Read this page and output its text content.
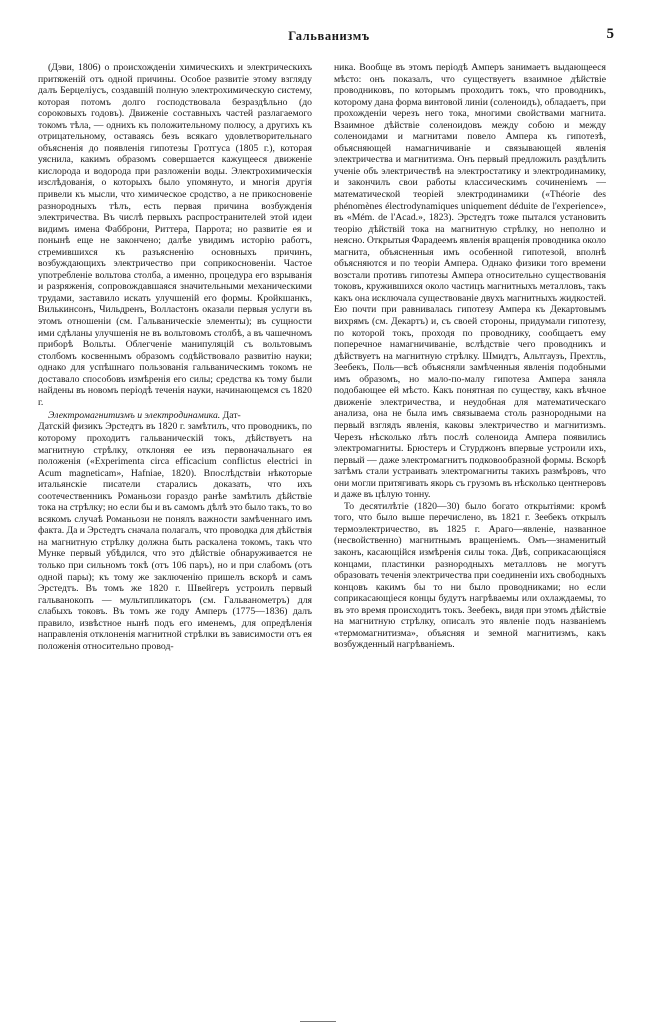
Гальванизмъ	5

(Дэви, 1806) о происхожденіи химическихъ и электрическихъ притяженій отъ одной причины. Особое развитіе этому взгляду далъ Берцеліусъ, создавшій полную электрохимическую систему, которая потомъ долго господствовала безраздѣльно (до сороковыхъ годовъ). Движеніе составныхъ частей разлагаемого токомъ тѣла, — однихъ къ положительному полюсу, а другихъ къ отрицательному, оставаясь безъ всякаго удовлетворительнаго объясненія до появленія гипотезы Гротгуса (1805 г.), которая уяснила, какимъ образомъ совершается кажущееся движеніе кислорода и водорода при разложеніи воды. Электрохимическія изслѣдованія, о которыхъ было упомянуто, и многія другія привели къ мысли, что химическое сродство, а не прикосновеніе разнородныхъ тѣлъ, есть первая причина возбужденія электричества. Въ числѣ первыхъ распространителей этой идеи видимъ имена Фабброни, Риттера, Паррота; но развитіе ея и понынѣ еще не закончено; далѣе увидимъ исторію работъ, стремившихся къ разъясненію основныхъ причинъ, возбуждающихъ электричество при соприкосновеніи. Частое употребленіе вольтова столба, а именно, процедура его взрыванія и разряженія, сопровождавшаяся значительными механическими трудами, заставило искать улучшеній его формы. Кройкшанкъ, Вилькинсонъ, Чильдренъ, Волластонъ оказали первыя услуги въ этомъ отношеніи (см. Гальваническіе элементы); въ сущности ими сдѣланы улучшенія не въ вольтовомъ столбѣ, а въ чашечномъ приборѣ Вольты. Облегченіе манипуляцій съ вольтовымъ столбомъ косвеннымъ образомъ содѣйствовало развитію науки; однако для успѣшнаго пользованія гальваническимъ токомъ не доставало способовъ измѣренія его силы; средства къ тому были найдены въ новомъ періодѣ теченія науки, начинающемся съ 1820 г.

Электромагнитизмъ и электродинамика. Дат-

Датскій физикъ Эрстедтъ въ 1820 г. замѣтилъ, что проводникъ, по которому проходитъ гальваническій токъ, дѣйствуетъ на магнитную стрѣлку, отклоняя ее изъ первоначальнаго ея положенія («Experimenta circa efficacium conflictus electrici in Acum magneticam», Hafniae, 1820). Впослѣдствіи нѣкоторые итальянскіе писатели старались доказать, что ихъ соотечественникъ Романьози гораздо ранѣе замѣтилъ дѣйствіе тока на стрѣлку; но если бы и въ самомъ дѣлѣ это было такъ, то во всякомъ случаѣ Романьози не понялъ важности замѣченнаго имъ факта. Да и Эрстедтъ сначала полагалъ, что проводка для дѣйствія на магнитную стрѣлку должна быть раскалена токомъ, такъ что Мунке первый убѣдился, что это дѣйствіе обнаруживается не только при сильномъ токѣ (отъ 106 паръ), но и при слабомъ (отъ одной пары); къ тому же заключенію пришелъ вскорѣ и самъ Эрстедтъ. Въ томъ же 1820 г. Швейгеръ устроилъ первый гальванокопъ — мультипликаторъ (см. Гальванометръ) для слабыхъ токовъ. Въ томъ же году Амперъ (1775—1836) далъ правило, извѣстное нынѣ подъ его именемъ, для опредѣленія направленія отклоненія магнитной стрѣлки въ зависимости отъ ея положенія относительно провод-

ника. Вообще въ этомъ періодѣ Амперъ занимаетъ выдающееся мѣсто: онъ показалъ, что существуетъ взаимное дѣйствіе проводниковъ, по которымъ проходитъ токъ, что проводникъ, которому дана форма винтовой линіи (соленоидъ), обладаетъ, при прохожденіи черезъ него тока, многими свойствами магнита. Взаимное дѣйствіе соленоидовъ между собою и между соленоидами и магнитами повело Ампера къ гипотезѣ, объясняющей намагничиваніе и связывающей явленія электричества и магнитизма. Онъ первый предложилъ раздѣлить ученіе объ электричествѣ на электростатику и электродинамику, и закончилъ свои работы классическимъ сочиненіемъ — математической теоріей электродинамики («Théorie des phénomènes électrodynamiques uniquement déduite de l'experience», въ «Mém. de l'Acad.», 1823). Эрстедтъ тоже пытался установить теорію дѣйствій тока на магнитную стрѣлку, но неполно и неясно. Открытыя Фарадеемъ явленія вращенія проводника около магнита, объясненныя имъ особенной гипотезой, вполнѣ объясняются и по теоріи Ампера. Однако физики того времени возстали противъ гипотезы Ампера относительно существованія токовъ, кружившихся около частицъ магнитныхъ металловъ, такъ какъ она исключала существованіе двухъ магнитныхъ жидкостей. Ею почти при равнивалась гипотезу Ампера къ Декартовымъ вихрямъ (см. Декартъ) и, съ своей стороны, придумали гипотезу, по которой токъ, проходя по проводнику, сообщаетъ ему поперечное намагничиваніе, вслѣдствіе чего проводникъ и дѣйствуетъ на магнитную стрѣлку. Шмидтъ, Альтгаузъ, Прехтль, Зеебекъ, Поль—всѣ объясняли замѣченныя явленія подобными имъ образомъ, но мало-по-малу гипотеза Ампера заняла подобающее ей мѣсто. Какъ понятная по существу, какъ вѣчное движеніе электричества, и неудобная для математическаго анализа, она не была имъ связываема столь разнородными на первый взглядъ явленія, каковы электричество и магнитизмъ. Черезъ нѣсколько лѣтъ послѣ соленоида Ампера появились электромагниты. Брюстеръ и Стурджонъ впервые устроили ихъ, первый — даже электромагнитъ подковообразной формы. Вскорѣ затѣмъ стали устраивать электромагниты такихъ размѣровъ, что они могли притягивать якорь съ грузомъ въ нѣсколько центнеровъ и даже въ цѣлую тонну.

То десятилѣтіе (1820—30) было богато открытіями: кромѣ того, что было выше перечислено, въ 1821 г. Зеебекъ открылъ термоэлектричество, въ 1825 г. Араго—явленіе, названное (несвойственно) магнитнымъ вращеніемъ. Омъ—знаменитый законъ, касающійся измѣренія силы тока. Двѣ, соприкасающіяся концами, пластинки разнородныхъ металловъ не могутъ образовать теченія электричества при соединеніи ихъ свободныхъ концовъ какимъ бы то ни было проводниками; но если соприкасающіеся концы будутъ нагрѣваемы или охлаждаемы, то въ это время происходитъ токъ. Зеебекъ, видя при этомъ дѣйствіе на магнитную стрѣлку, описалъ это явленіе подъ названіемъ «термомагнитизма», объясняя и земной магнитизмъ, какъ возбужденный нагрѣваніемъ.
